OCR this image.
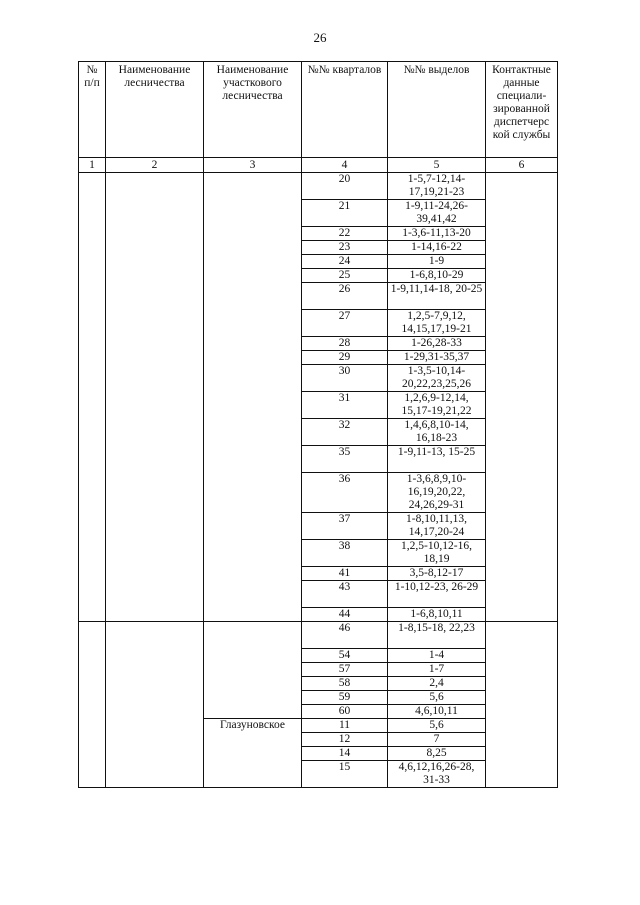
26
№ п/п	Наименование лесничества	Наименование участкового лесничества	№№ кварталов	№№ выделов	Контактные данные специали-зированной диспетчерс кой службы
1	2	3	4	5	6
			20	1-5,7-12,14-17,19,21-23	
			21	1-9,11-24,26-39,41,42	
			22	1-3,6-11,13-20	
			23	1-14,16-22	
			24	1-9	
			25	1-6,8,10-29	
			26	1-9,11,14-18, 20-25	
			27	1,2,5-7,9,12, 14,15,17,19-21	
			28	1-26,28-33	
			29	1-29,31-35,37	
			30	1-3,5-10,14-20,22,23,25,26	
			31	1,2,6,9-12,14, 15,17-19,21,22	
			32	1,4,6,8,10-14, 16,18-23	
			35	1-9,11-13, 15-25	
			36	1-3,6,8,9,10-16,19,20,22, 24,26,29-31	
			37	1-8,10,11,13, 14,17,20-24	
			38	1,2,5-10,12-16, 18,19	
			41	3,5-8,12-17	
			43	1-10,12-23, 26-29	
			44	1-6,8,10,11	
			46	1-8,15-18, 22,23	
			54	1-4	
			57	1-7	
			58	2,4	
			59	5,6	
			60	4,6,10,11	
		Глазуновское	11	5,6	
			12	7	
			14	8,25	
			15	4,6,12,16,26-28, 31-33	
